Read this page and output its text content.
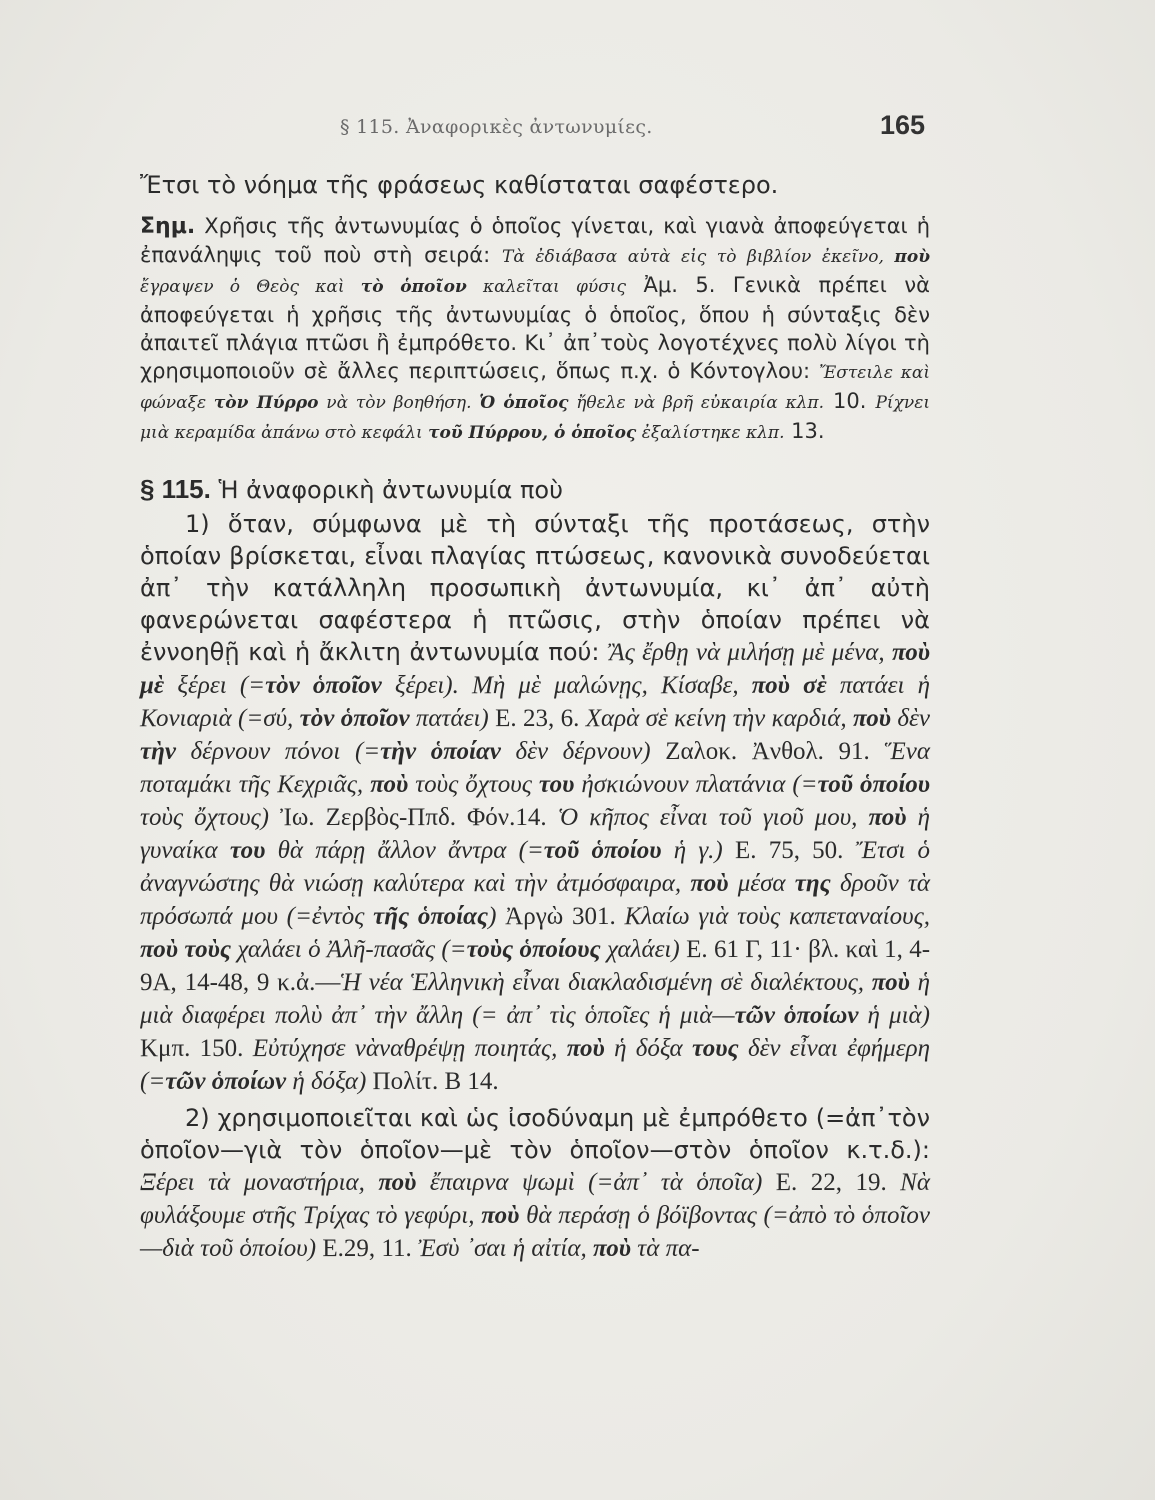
§ 115. Ἀναφορικὲς ἀντωνυμίες.	165

Ἔτσι τὸ νόημα τῆς φράσεως καθίσταται σαφέστερο.

Σημ. Χρῆσις τῆς ἀντωνυμίας ὁ ὁποῖος γίνεται, καὶ γιανὰ ἀποφεύγεται ἡ ἐπανάληψις τοῦ ποὺ στὴ σειρά: Τὰ ἐδιάβασα αὐτὰ εἰς τὸ βιβλίον ἐκεῖνο, ποὺ ἔγραψεν ὁ Θεὸς καὶ τὸ ὁποῖον καλεῖται φύσις Ἀμ. 5. Γενικὰ πρέπει νὰ ἀποφεύγεται ἡ χρῆσις τῆς ἀντωνυμίας ὁ ὁποῖος, ὅπου ἡ σύνταξις δὲν ἀπαιτεῖ πλάγια πτῶσι ἢ ἐμπρόθετο. Κι᾽ ἀπ᾽τοὺς λογοτέχνες πολὺ λίγοι τὴ χρησιμοποιοῦν σὲ ἄλλες περιπτώσεις, ὅπως π.χ. ὁ Κόντογλου: Ἔστειλε καὶ φώναξε τὸν Πύρρο νὰ τὸν βοηθήση. Ὁ ὁποῖος ἤθελε νὰ βρῆ εὐκαιρία κλπ. 10. Ρίχνει μιὰ κεραμίδα ἀπάνω στὸ κεφάλι τοῦ Πύρρου, ὁ ὁποῖος ἐξαλίστηκε κλπ. 13.

§ 115. Ἡ ἀναφορικὴ ἀντωνυμία ποὺ

1) ὅταν, σύμφωνα μὲ τὴ σύνταξι τῆς προτάσεως, στὴν ὁποίαν βρίσκεται, εἶναι πλαγίας πτώσεως, κανονικὰ συνοδεύεται ἀπ᾽ τὴν κατάλληλη προσωπικὴ ἀντωνυμία, κι᾽ ἀπ᾽ αὐτὴ φανερώνεται σαφέστερα ἡ πτῶσις, στὴν ὁποίαν πρέπει νὰ ἐννοηθῇ καὶ ἡ ἄκλιτη ἀντωνυμία πού: Ἂς ἔρθῃ νὰ μιλήσῃ μὲ μένα, ποὺ μὲ ξέρει (=τὸν ὁποῖον ξέρει). Μὴ μὲ μαλώνῃς, Κίσαβε, ποὺ σὲ πατάει ἡ Κονιαριὰ (=σύ, τὸν ὁποῖον πατάει) Ε. 23, 6. Χαρὰ σὲ κείνη τὴν καρδιά, ποὺ δὲν τὴν δέρνουν πόνοι (=τὴν ὁποίαν δὲν δέρνουν) Ζαλοκ. Ἀνθολ. 91. Ἕνα ποταμάκι τῆς Κεχριᾶς, ποὺ τοὺς ὄχτους του ἠσκιώνουν πλατάνια (=τοῦ ὁποίου τοὺς ὄχτους) Ἰω. Ζερβὸς-Ππδ. Φόν.14. Ὁ κῆπος εἶναι τοῦ γιοῦ μου, ποὺ ἡ γυναίκα του θὰ πάρῃ ἄλλον ἄντρα (=τοῦ ὁποίου ἡ γ.) Ε. 75, 50. Ἔτσι ὁ ἀναγνώστης θὰ νιώσῃ καλύτερα καὶ τὴν ἀτμόσφαιρα, ποὺ μέσα της δροῦν τὰ πρόσωπά μου (=ἐντὸς τῆς ὁποίας) Ἀργὼ 301. Κλαίω γιὰ τοὺς καπεταναίους, ποὺ τοὺς χαλάει ὁ Ἀλῆ-πασᾶς (=τοὺς ὁποίους χαλάει) Ε. 61 Γ, 11· βλ. καὶ 1, 4-9Α, 14-48, 9 κ.ἀ.—Ἡ νέα Ἑλληνικὴ εἶναι διακλαδισμένη σὲ διαλέκτους, ποὺ ἡ μιὰ διαφέρει πολὺ ἀπ᾽ τὴν ἄλλη (= ἀπ᾽ τὶς ὁποῖες ἡ μιὰ—τῶν ὁποίων ἡ μιὰ) Κμπ. 150. Εὐτύχησε νὰναθρέψῃ ποιητάς, ποὺ ἡ δόξα τους δὲν εἶναι ἐφήμερη (=τῶν ὁποίων ἡ δόξα) Πολίτ. Β 14.

2) χρησιμοποιεῖται καὶ ὡς ἰσοδύναμη μὲ ἐμπρόθετο (=ἀπ᾽τὸν ὁποῖον—γιὰ τὸν ὁποῖον—μὲ τὸν ὁποῖον—στὸν ὁποῖον κ.τ.δ.): Ξέρει τὰ μοναστήρια, ποὺ ἔπαιρνα ψωμὶ (=ἀπ᾽ τὰ ὁποῖα) Ε. 22, 19. Νὰ φυλάξουμε στῆς Τρίχας τὸ γεφύρι, ποὺ θὰ περάσῃ ὁ βόϊβοντας (=ἀπὸ τὸ ὁποῖον—διὰ τοῦ ὁποίου) Ε.29, 11. Ἐσὺ ᾽σαι ἡ αἰτία, ποὺ τὰ πα-
